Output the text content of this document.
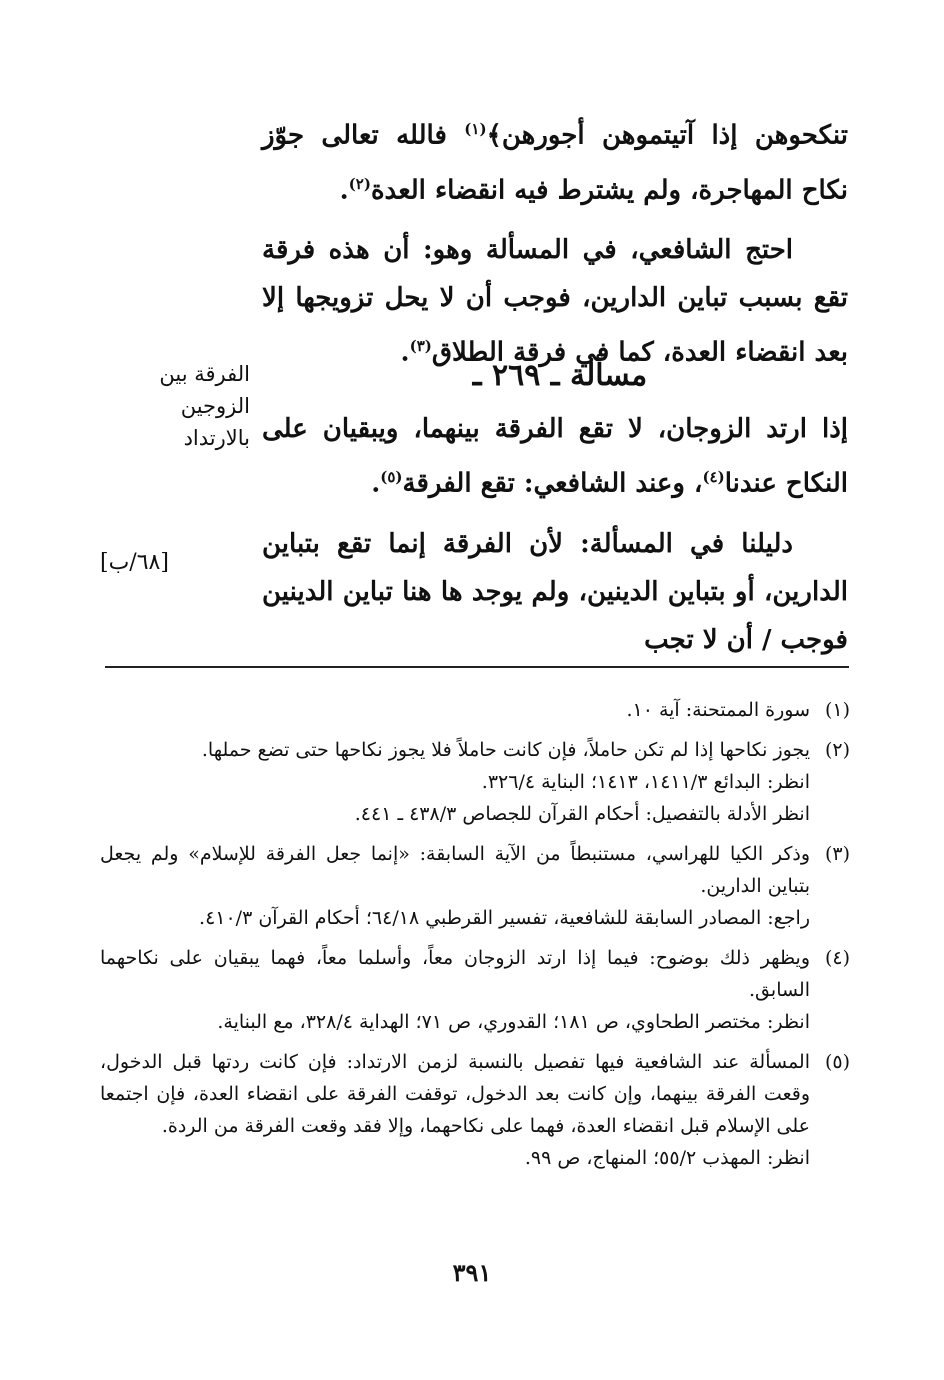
تنكحوهن إذا آتيتموهن أجورهن﴾$^{(١)}$ فالله تعالى جوّز نكاح المهاجرة، ولم يشترط فيه انقضاء العدة$^{(٢)}$.

احتج الشافعي، في المسألة وهو: أن هذه فرقة تقع بسبب تباين الدارين، فوجب أن لا يحل تزويجها إلا بعد انقضاء العدة، كما في فرقة الطلاق$^{(٣)}$.

مسألة ـ ٢٦٩ ـ
الفرقة بين الزوجين بالارتداد إذا ارتد الزوجان، لا تقع الفرقة بينهما، ويبقيان على النكاح عندنا$^{(٤)}$، وعند الشافعي: تقع الفرقة$^{(٥)}$.

دليلنا في المسألة: لأن الفرقة إنما تقع بتباين الدارين، أو بتباين الدينين، ولم يوجد ها هنا تباين الدينين فوجب / أن لا تجب

[٦٨/ب]
(١)
سورة الممتحنة: آية ١٠.
(٢)
يجوز نكاحها إذا لم تكن حاملاً، فإن كانت حاملاً فلا يجوز نكاحها حتى تضع حملها.
انظر: البدائع ١٤١١/٣، ١٤١٣؛ البناية ٣٢٦/٤.
انظر الأدلة بالتفصيل: أحكام القرآن للجصاص ٤٣٨/٣ ـ ٤٤١.
(٣)
وذكر الكيا للهراسي، مستنبطاً من الآية السابقة: «إنما جعل الفرقة للإسلام» ولم يجعل بتباين الدارين.
راجع: المصادر السابقة للشافعية، تفسير القرطبي ٦٤/١٨؛ أحكام القرآن ٤١٠/٣.
(٤)
ويظهر ذلك بوضوح: فيما إذا ارتد الزوجان معاً، وأسلما معاً، فهما يبقيان على نكاحهما السابق.
انظر: مختصر الطحاوي، ص ١٨١؛ القدوري، ص ٧١؛ الهداية ٣٢٨/٤، مع البناية.
(٥)
المسألة عند الشافعية فيها تفصيل بالنسبة لزمن الارتداد: فإن كانت ردتها قبل الدخول، وقعت الفرقة بينهما، وإن كانت بعد الدخول، توقفت الفرقة على انقضاء العدة، فإن اجتمعا على الإسلام قبل انقضاء العدة، فهما على نكاحهما، وإلا فقد وقعت الفرقة من الردة.
انظر: المهذب ٥٥/٢؛ المنهاج، ص ٩٩.
٣٩١
